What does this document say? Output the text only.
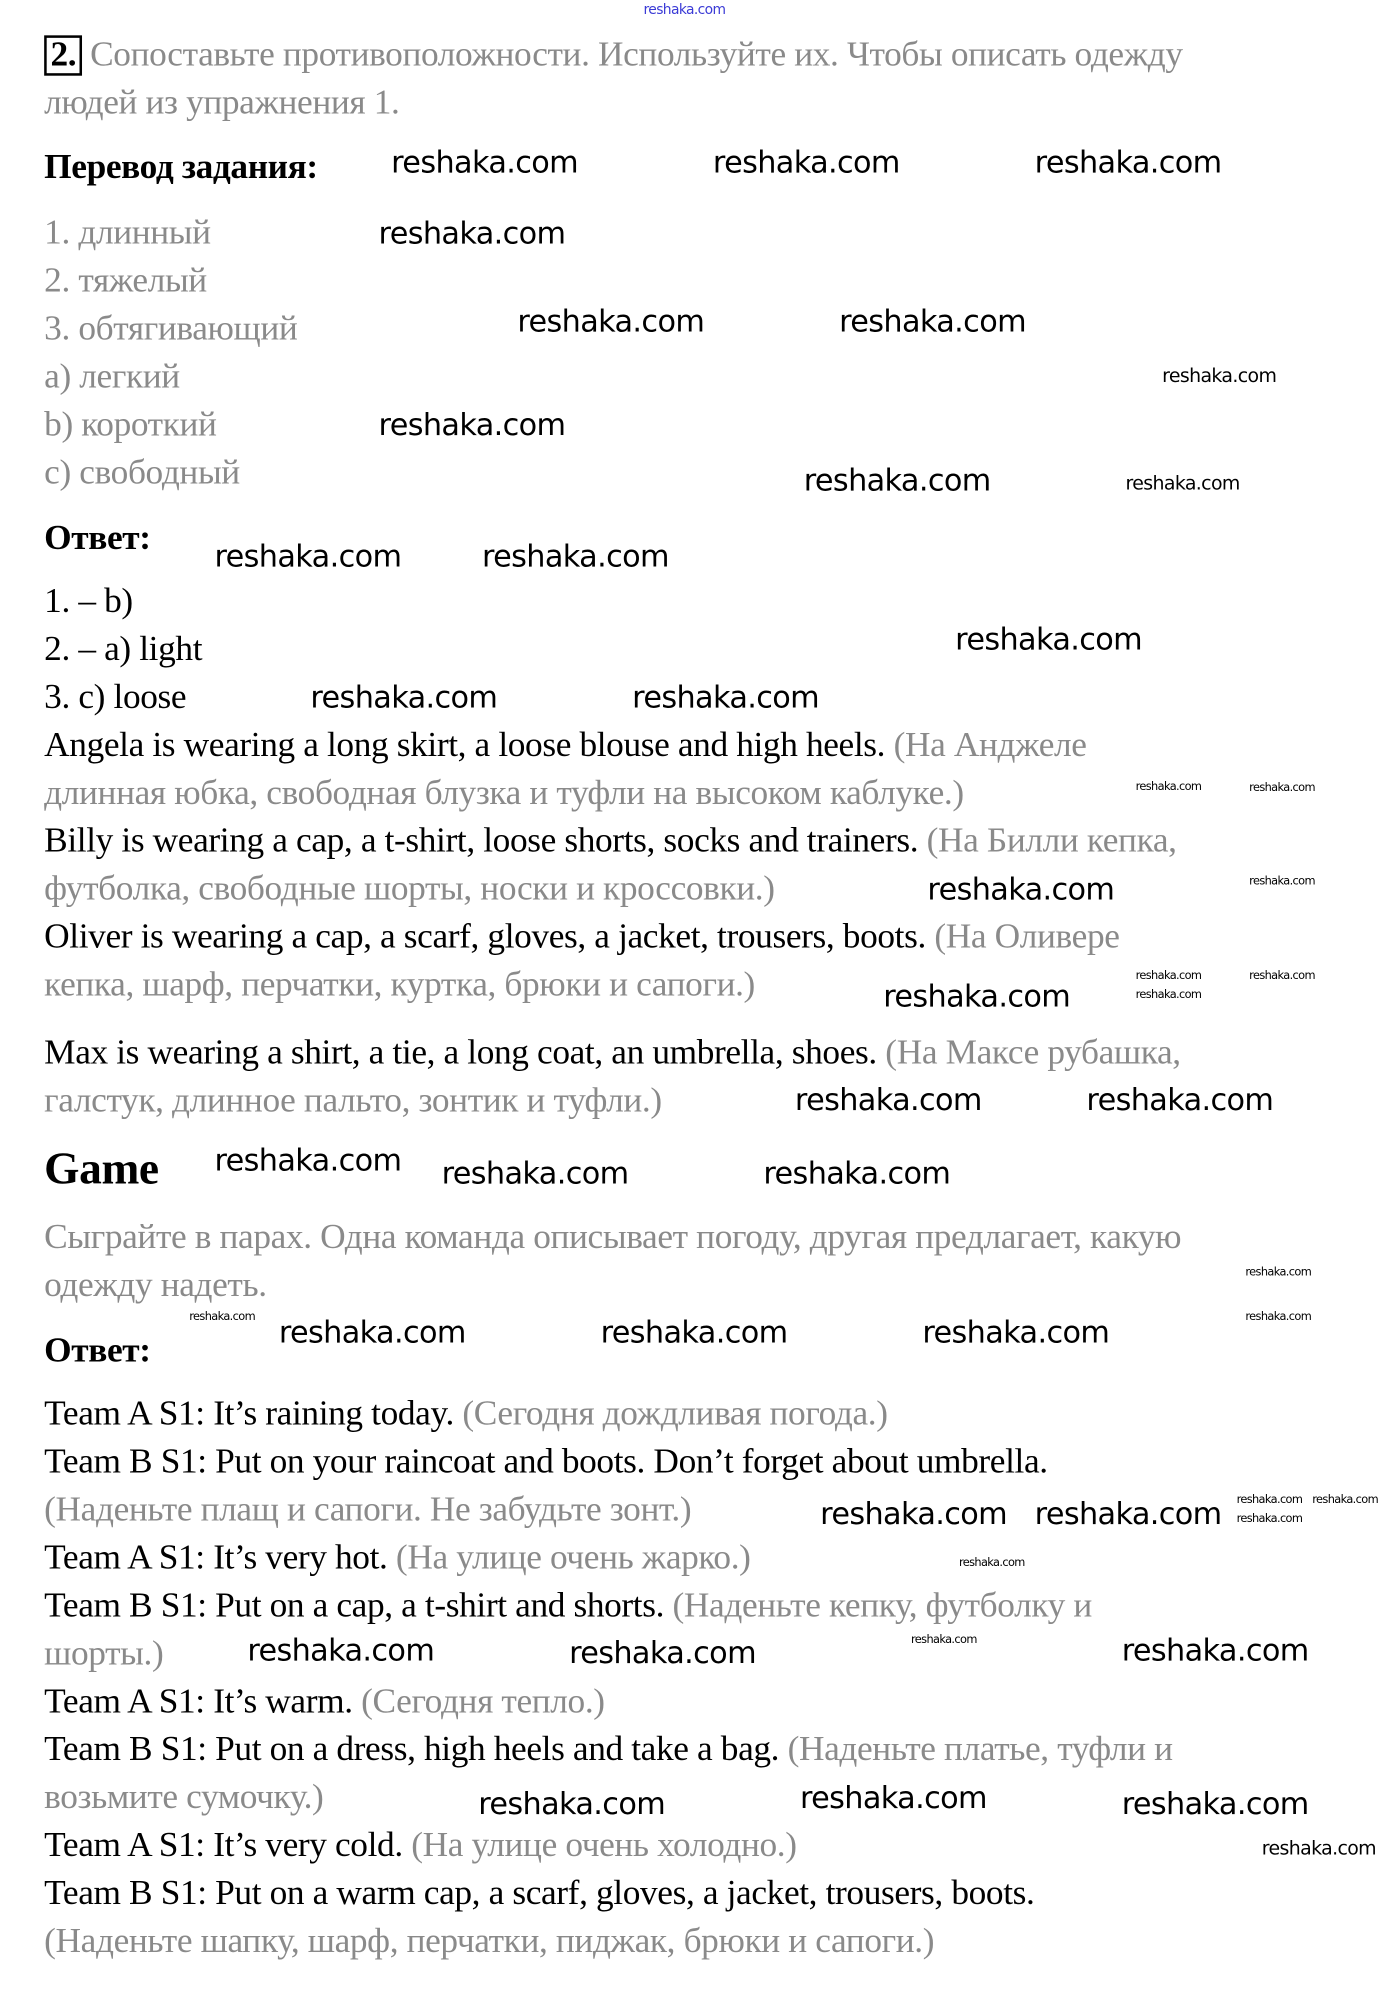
2. Сопоставьте противоположности. Используйте их. Чтобы описать одежду
людей из упражнения 1.
Перевод задания:
1. длинный
2. тяжелый
3. обтягивающий
a) легкий
b) короткий
c) свободный
Ответ:
1. – b)
2. – a) light
3. c) loose
Angela is wearing a long skirt, a loose blouse and high heels. (На Анджеле
длинная юбка, свободная блузка и туфли на высоком каблуке.)
Billy is wearing a cap, a t-shirt, loose shorts, socks and trainers. (На Билли кепка,
футболка, свободные шорты, носки и кроссовки.)
Oliver is wearing a cap, a scarf, gloves, a jacket, trousers, boots. (На Оливере
кепка, шарф, перчатки, куртка, брюки и сапоги.)
Max is wearing a shirt, a tie, a long coat, an umbrella, shoes. (На Максе рубашка,
галстук, длинное пальто, зонтик и туфли.)
Game
Сыграйте в парах. Одна команда описывает погоду, другая предлагает, какую
одежду надеть.
Ответ:
Team A S1: It’s raining today. (Сегодня дождливая погода.)
Team B S1: Put on your raincoat and boots. Don’t forget about umbrella.
(Наденьте плащ и сапоги. Не забудьте зонт.)
Team A S1: It’s very hot. (На улице очень жарко.)
Team B S1: Put on a cap, a t-shirt and shorts. (Наденьте кепку, футболку и
шорты.)
Team A S1: It’s warm. (Сегодня тепло.)
Team B S1: Put on a dress, high heels and take a bag. (Наденьте платье, туфли и
возьмите сумочку.)
Team A S1: It’s very cold. (На улице очень холодно.)
Team B S1: Put on a warm cap, a scarf, gloves, a jacket, trousers, boots.
(Наденьте шапку, шарф, перчатки, пиджак, брюки и сапоги.)
reshaka.com
reshaka.com	reshaka.com	reshaka.com
reshaka.com
reshaka.com	reshaka.com
reshaka.com
reshaka.com
reshaka.com	reshaka.com
reshaka.com	reshaka.com
reshaka.com
reshaka.com	reshaka.com
reshaka.com	reshaka.com
reshaka.com
reshaka.com
reshaka.com	reshaka.com
reshaka.com	reshaka.com
reshaka.com	reshaka.com
reshaka.com reshaka.com	reshaka.com
reshaka.com
reshaka.com
reshaka.com reshaka.com	reshaka.com	reshaka.com
reshaka.com	reshaka.com reshaka.com
reshaka.com
reshaka.com
reshaka.com
reshaka.com	reshaka.com	reshaka.com	reshaka.com
reshaka.com	reshaka.com	reshaka.com
reshaka.com
